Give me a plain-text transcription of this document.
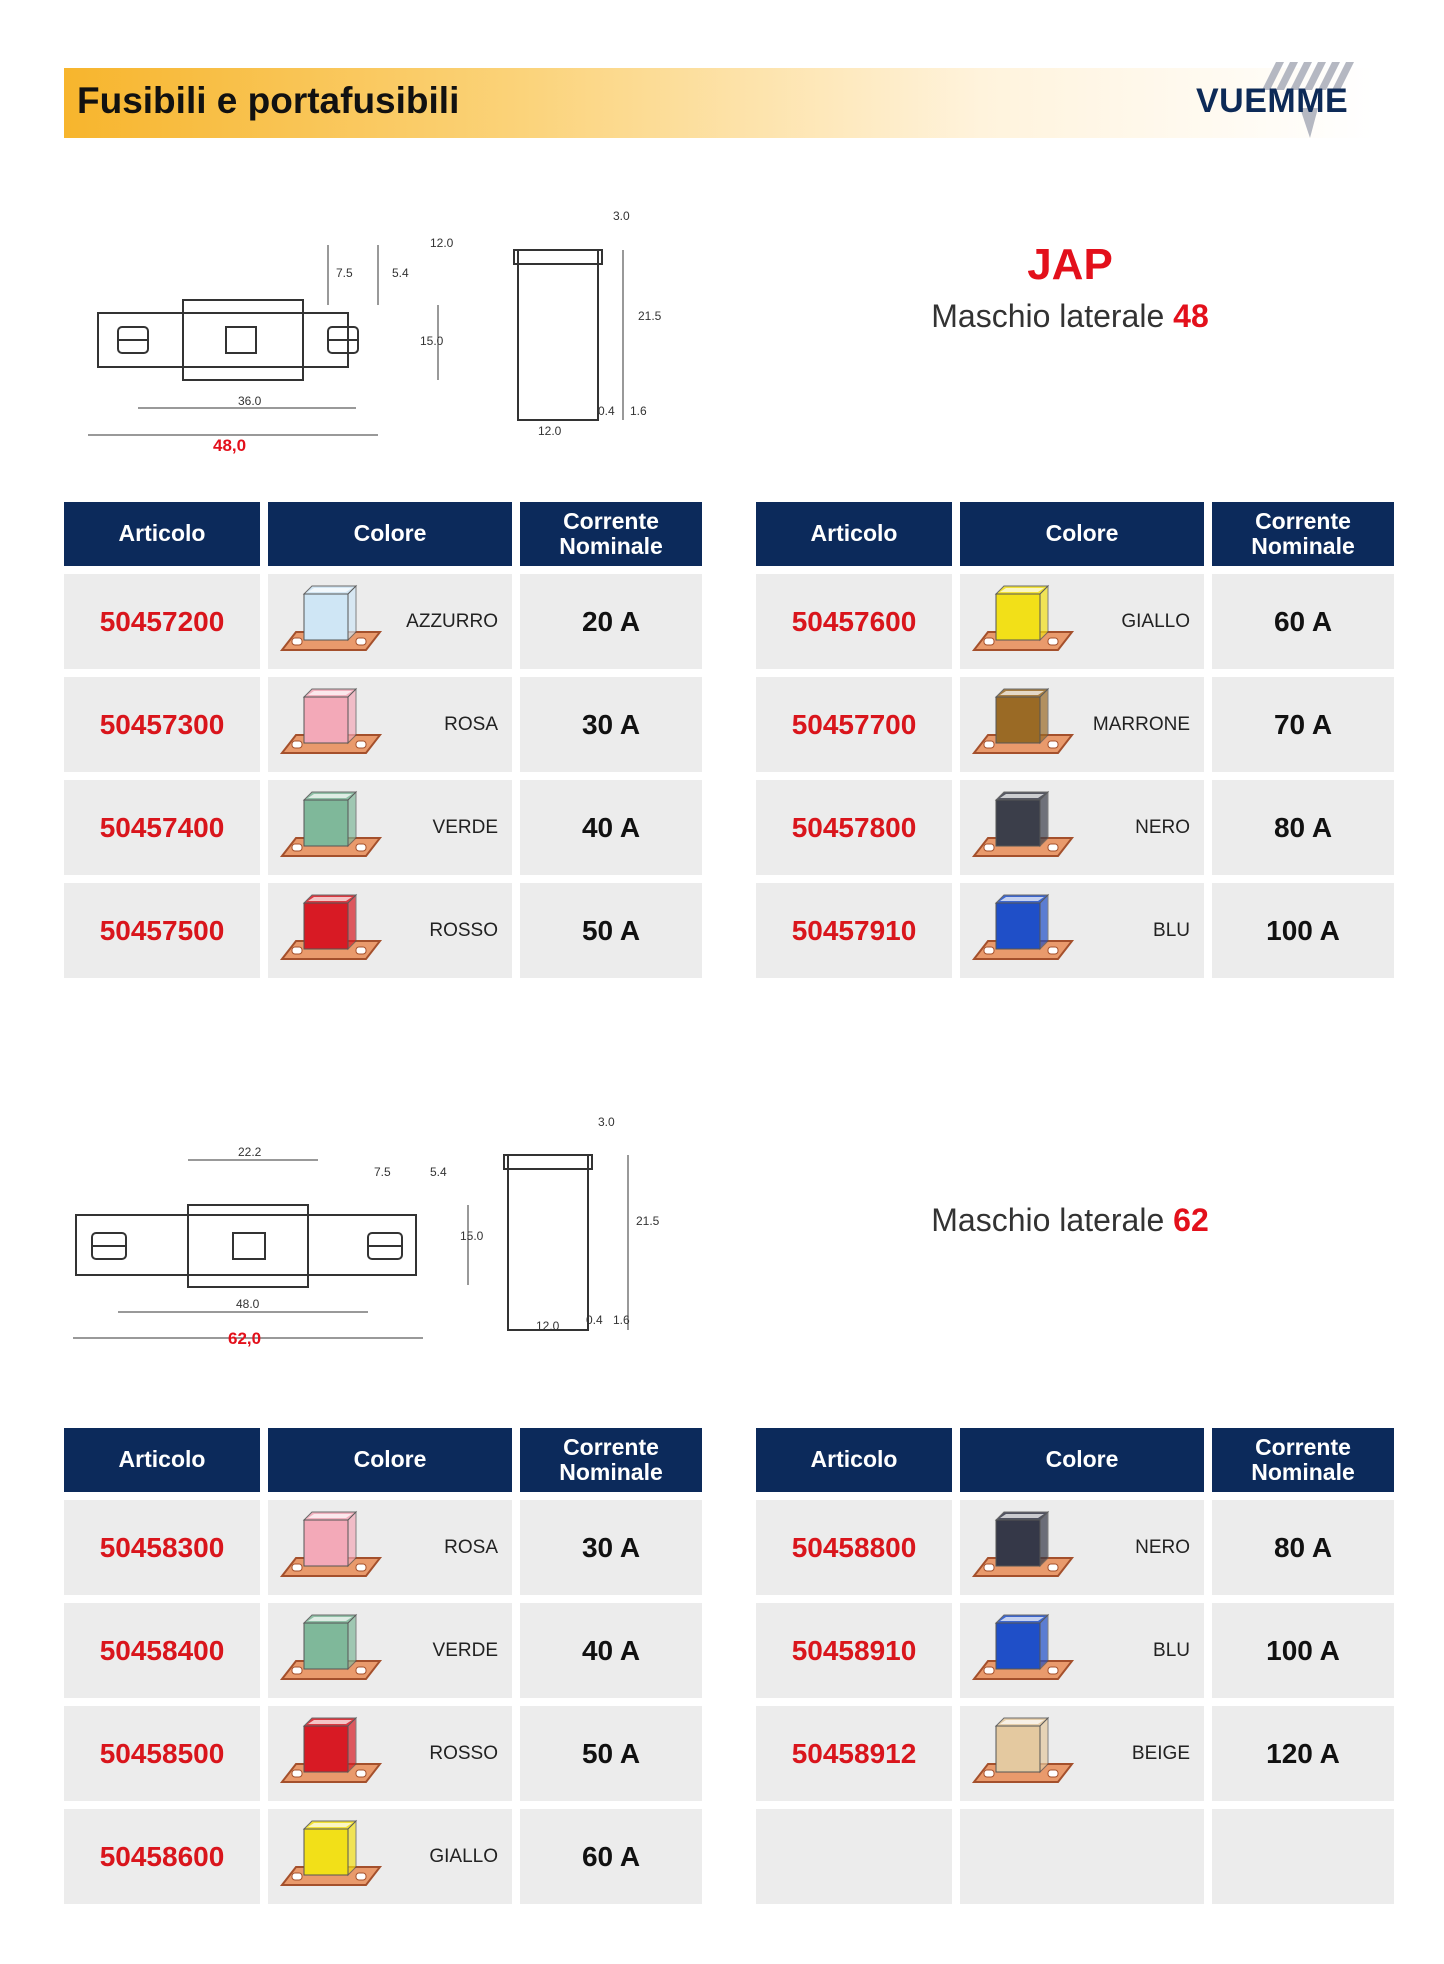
Fusibili e portafusibili	VUEMME
12.0
7.5	5.4
15.0
36.0
3.0
21.5
12.0
0.4 1.6
48,0
JAP
Maschio laterale 48
22.2
7.5	5.4
15.0
48.0
3.0
21.5
12.0 0.4 1.6
62,0
Maschio laterale 62
Articolo	Colore	Corrente Nominale
50457200	AZZURRO	20 A
50457300	ROSA	30 A
50457400	VERDE	40 A
50457500	ROSSO	50 A
Articolo	Colore	Corrente Nominale
50457600	GIALLO	60 A
50457700	MARRONE	70 A
50457800	NERO	80 A
50457910	BLU	100 A
Articolo	Colore	Corrente Nominale
50458300	ROSA	30 A
50458400	VERDE	40 A
50458500	ROSSO	50 A
50458600	GIALLO	60 A
Articolo	Colore	Corrente Nominale
50458800	NERO	80 A
50458910	BLU	100 A
50458912	BEIGE	120 A
